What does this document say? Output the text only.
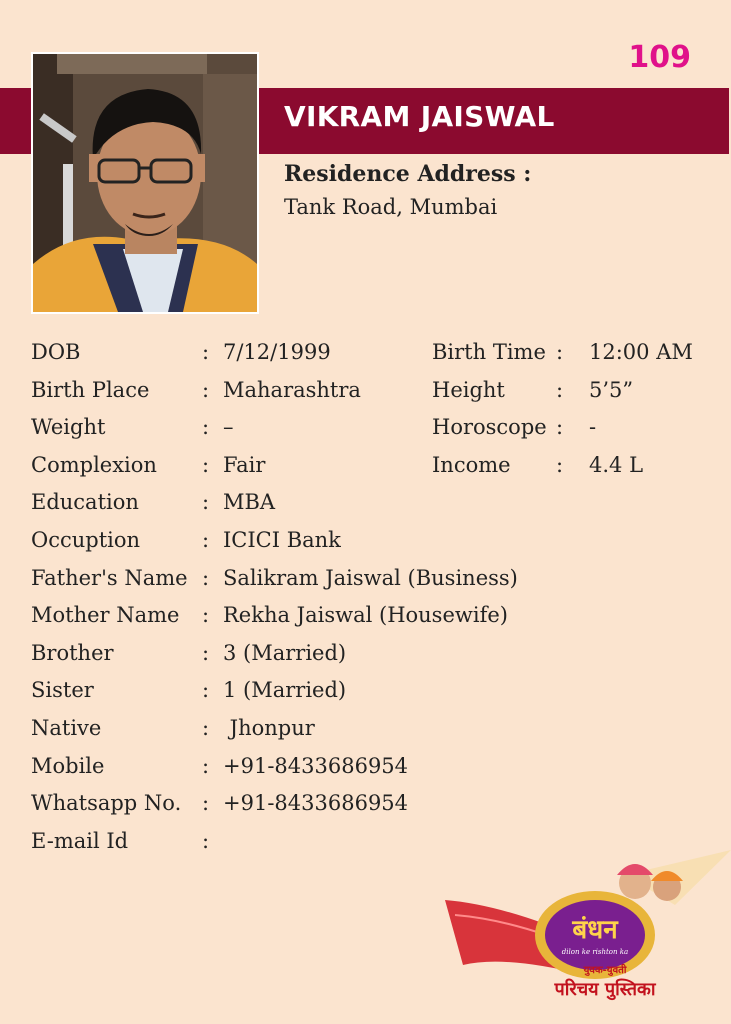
109
VIKRAM JAISWAL
Residence Address :
Tank Road, Mumbai
DOB	: 7/12/1999	Birth Time : 12:00 AM
Birth Place	: Maharashtra	Height : 5’5”
Weight	: –	Horoscope : -
Complexion : Fair	Income : 4.4 L
Education	: MBA
Occuption	: ICICI Bank
Father's Name : Salikram Jaiswal (Business)
Mother Name : Rekha Jaiswal (Housewife)
Brother	: 3 (Married)
Sister	: 1 (Married)
Native	: Jhonpur
Mobile	: +91-8433686954
Whatsapp No. : +91-8433686954
E-mail Id	:
बंधन
dilon ke rishton ka
युवक-युवती
परिचय पुस्तिका
